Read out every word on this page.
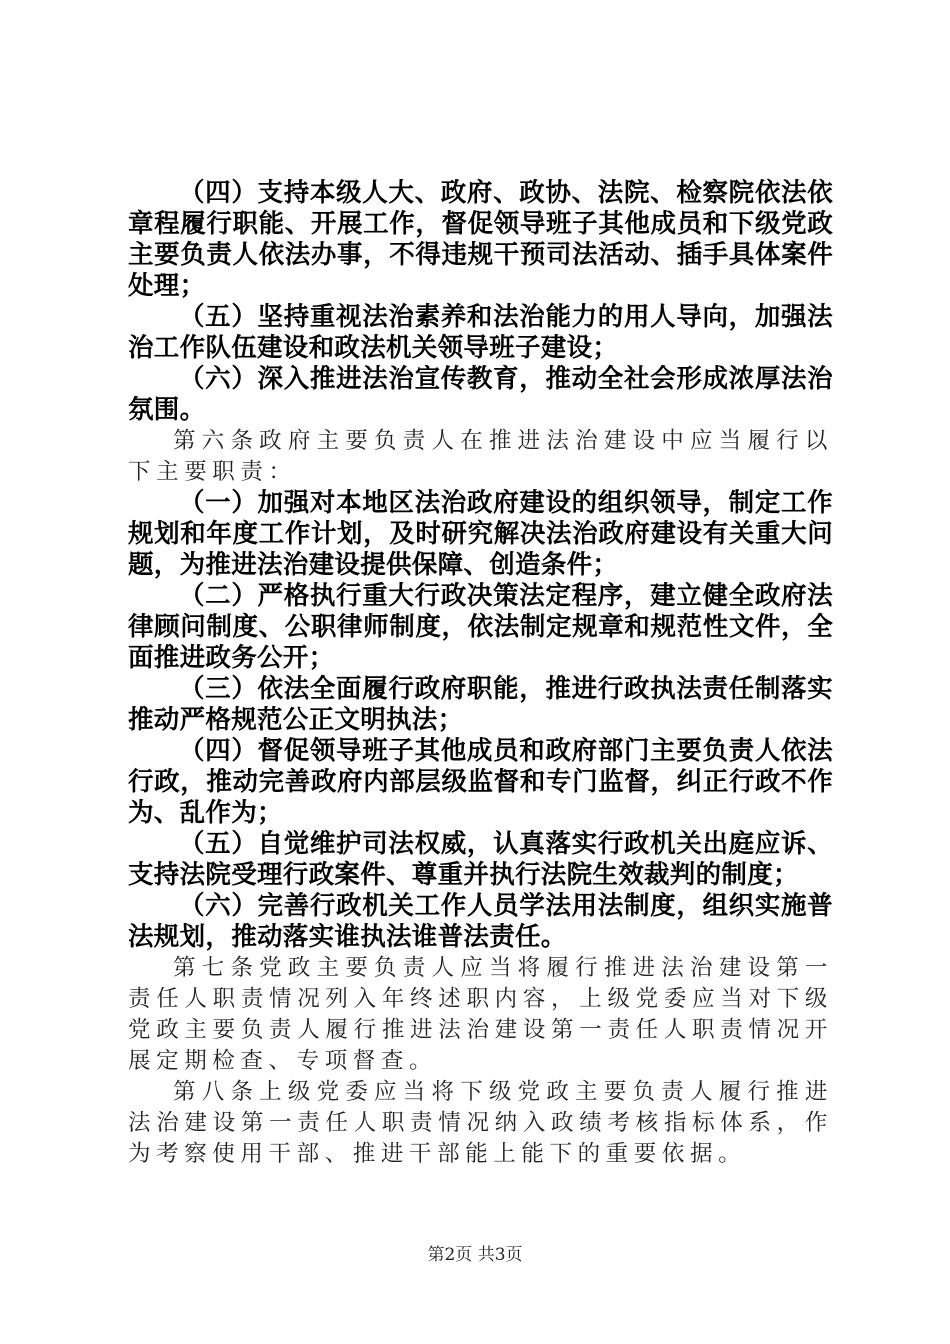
（四）支持本级人大、政府、政协、法院、检察院依法依章程履行职能、开展工作，督促领导班子其他成员和下级党政主要负责人依法办事，不得违规干预司法活动、插手具体案件处理；

（五）坚持重视法治素养和法治能力的用人导向，加强法治工作队伍建设和政法机关领导班子建设；

（六）深入推进法治宣传教育，推动全社会形成浓厚法治氛围。

第六条政府主要负责人在推进法治建设中应当履行以下主要职责：

（一）加强对本地区法治政府建设的组织领导，制定工作规划和年度工作计划，及时研究解决法治政府建设有关重大问题，为推进法治建设提供保障、创造条件；

（二）严格执行重大行政决策法定程序，建立健全政府法律顾问制度、公职律师制度，依法制定规章和规范性文件，全面推进政务公开；

（三）依法全面履行政府职能，推进行政执法责任制落实推动严格规范公正文明执法；

（四）督促领导班子其他成员和政府部门主要负责人依法行政，推动完善政府内部层级监督和专门监督，纠正行政不作为、乱作为；

（五）自觉维护司法权威，认真落实行政机关出庭应诉、支持法院受理行政案件、尊重并执行法院生效裁判的制度；

（六）完善行政机关工作人员学法用法制度，组织实施普法规划，推动落实谁执法谁普法责任。

第七条党政主要负责人应当将履行推进法治建设第一责任人职责情况列入年终述职内容，上级党委应当对下级党政主要负责人履行推进法治建设第一责任人职责情况开展定期检查、专项督查。

第八条上级党委应当将下级党政主要负责人履行推进法治建设第一责任人职责情况纳入政绩考核指标体系，作为考察使用干部、推进干部能上能下的重要依据。

第2页 共3页
